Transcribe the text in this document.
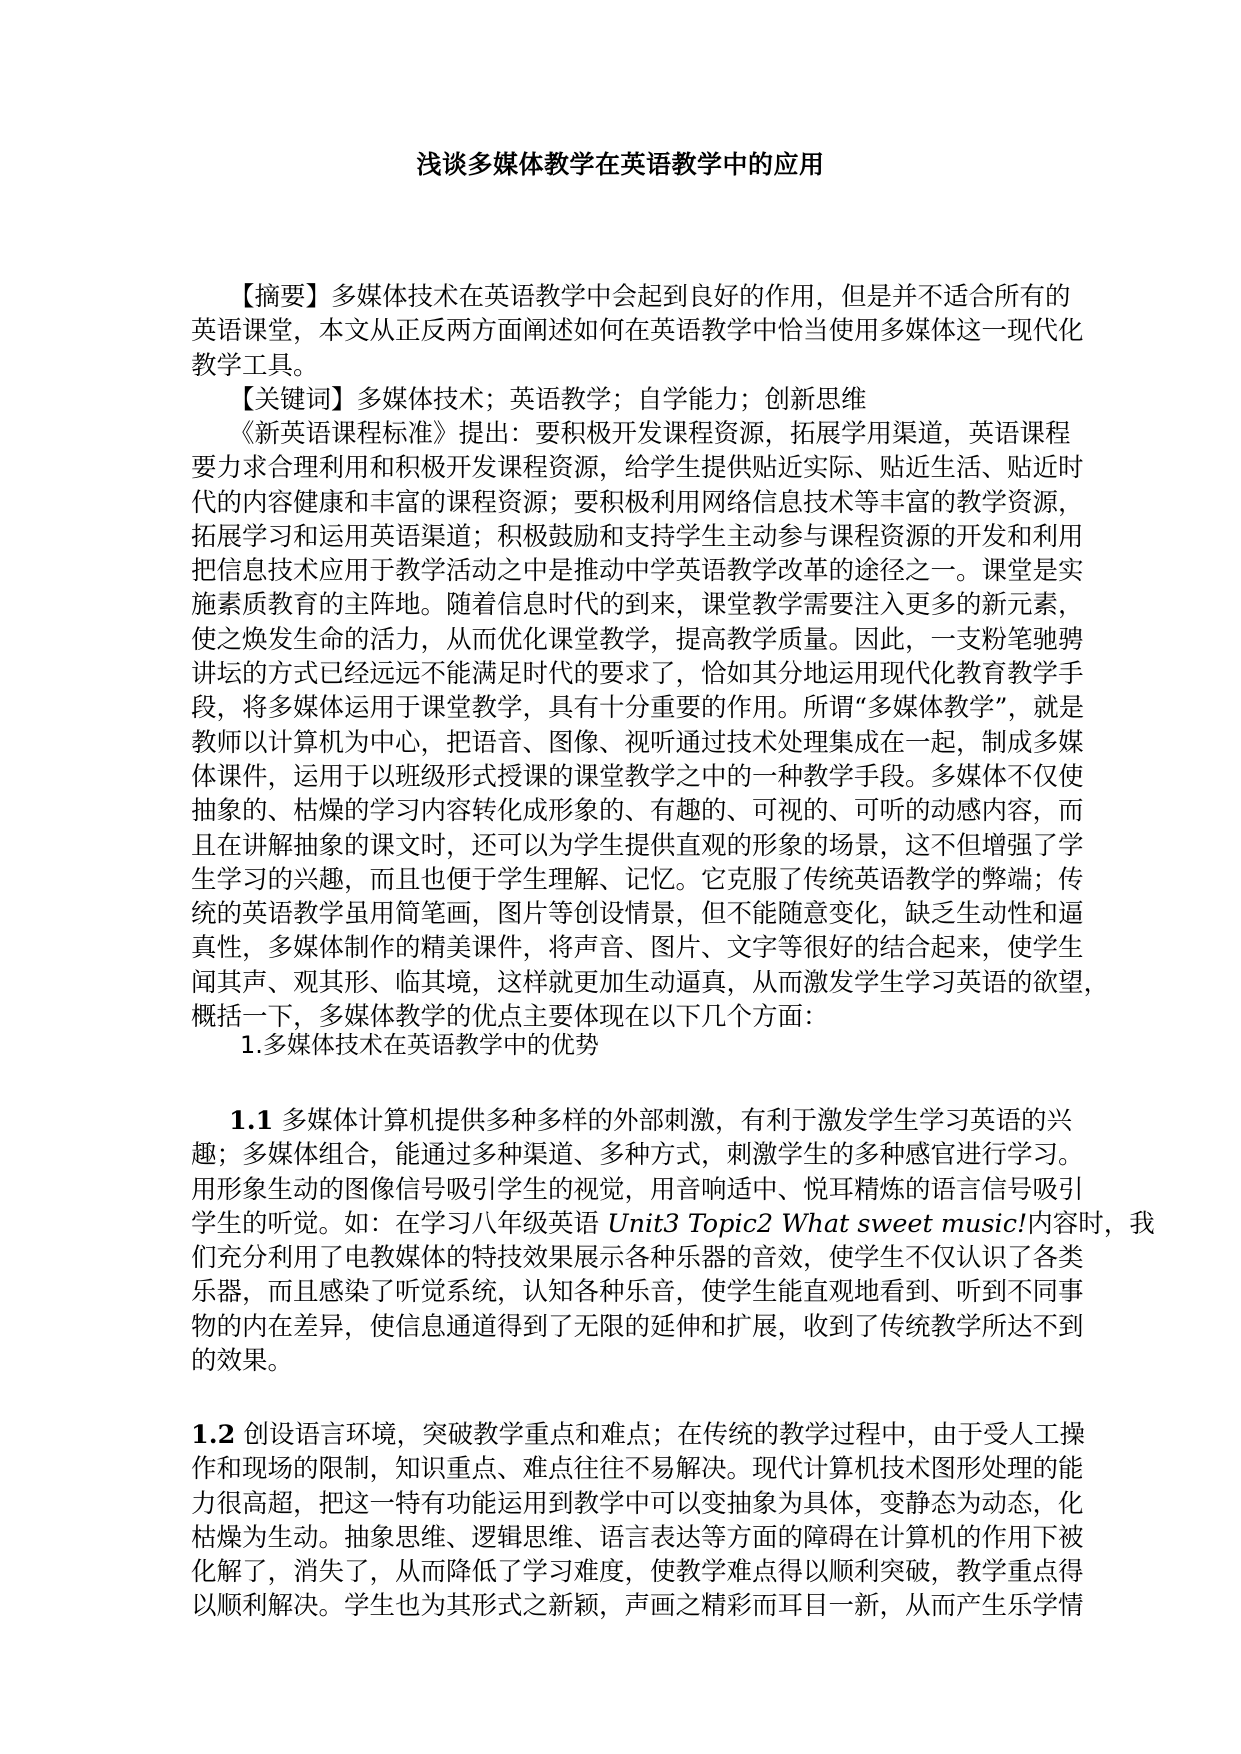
浅谈多媒体教学在英语教学中的应用
【摘要】多媒体技术在英语教学中会起到良好的作用，但是并不适合所有的
英语课堂，本文从正反两方面阐述如何在英语教学中恰当使用多媒体这一现代化
教学工具。
【关键词】多媒体技术；英语教学；自学能力；创新思维
《新英语课程标准》提出：要积极开发课程资源，拓展学用渠道，英语课程
要力求合理利用和积极开发课程资源，给学生提供贴近实际、贴近生活、贴近时
代的内容健康和丰富的课程资源；要积极利用网络信息技术等丰富的教学资源，
拓展学习和运用英语渠道；积极鼓励和支持学生主动参与课程资源的开发和利用
把信息技术应用于教学活动之中是推动中学英语教学改革的途径之一。课堂是实
施素质教育的主阵地。随着信息时代的到来，课堂教学需要注入更多的新元素，
使之焕发生命的活力，从而优化课堂教学，提高教学质量。因此，一支粉笔驰骋
讲坛的方式已经远远不能满足时代的要求了，恰如其分地运用现代化教育教学手
段，将多媒体运用于课堂教学，具有十分重要的作用。所谓“多媒体教学”，就是
教师以计算机为中心，把语音、图像、视听通过技术处理集成在一起，制成多媒
体课件，运用于以班级形式授课的课堂教学之中的一种教学手段。多媒体不仅使
抽象的、枯燥的学习内容转化成形象的、有趣的、可视的、可听的动感内容，而
且在讲解抽象的课文时，还可以为学生提供直观的形象的场景，这不但增强了学
生学习的兴趣，而且也便于学生理解、记忆。它克服了传统英语教学的弊端；传
统的英语教学虽用简笔画，图片等创设情景，但不能随意变化，缺乏生动性和逼
真性，多媒体制作的精美课件，将声音、图片、文字等很好的结合起来，使学生
闻其声、观其形、临其境，这样就更加生动逼真，从而激发学生学习英语的欲望，
概括一下，多媒体教学的优点主要体现在以下几个方面：
1.多媒体技术在英语教学中的优势
1.1 多媒体计算机提供多种多样的外部刺激，有利于激发学生学习英语的兴
趣；多媒体组合，能通过多种渠道、多种方式，刺激学生的多种感官进行学习。
用形象生动的图像信号吸引学生的视觉，用音响适中、悦耳精炼的语言信号吸引
学生的听觉。如：在学习八年级英语 Unit3 Topic2 What sweet music!内容时，我
们充分利用了电教媒体的特技效果展示各种乐器的音效，使学生不仅认识了各类
乐器，而且感染了听觉系统，认知各种乐音，使学生能直观地看到、听到不同事
物的内在差异，使信息通道得到了无限的延伸和扩展，收到了传统教学所达不到
的效果。
1.2 创设语言环境，突破教学重点和难点；在传统的教学过程中，由于受人工操
作和现场的限制，知识重点、难点往往不易解决。现代计算机技术图形处理的能
力很高超，把这一特有功能运用到教学中可以变抽象为具体，变静态为动态，化
枯燥为生动。抽象思维、逻辑思维、语言表达等方面的障碍在计算机的作用下被
化解了，消失了，从而降低了学习难度，使教学难点得以顺利突破，教学重点得
以顺利解决。学生也为其形式之新颖，声画之精彩而耳目一新，从而产生乐学情
